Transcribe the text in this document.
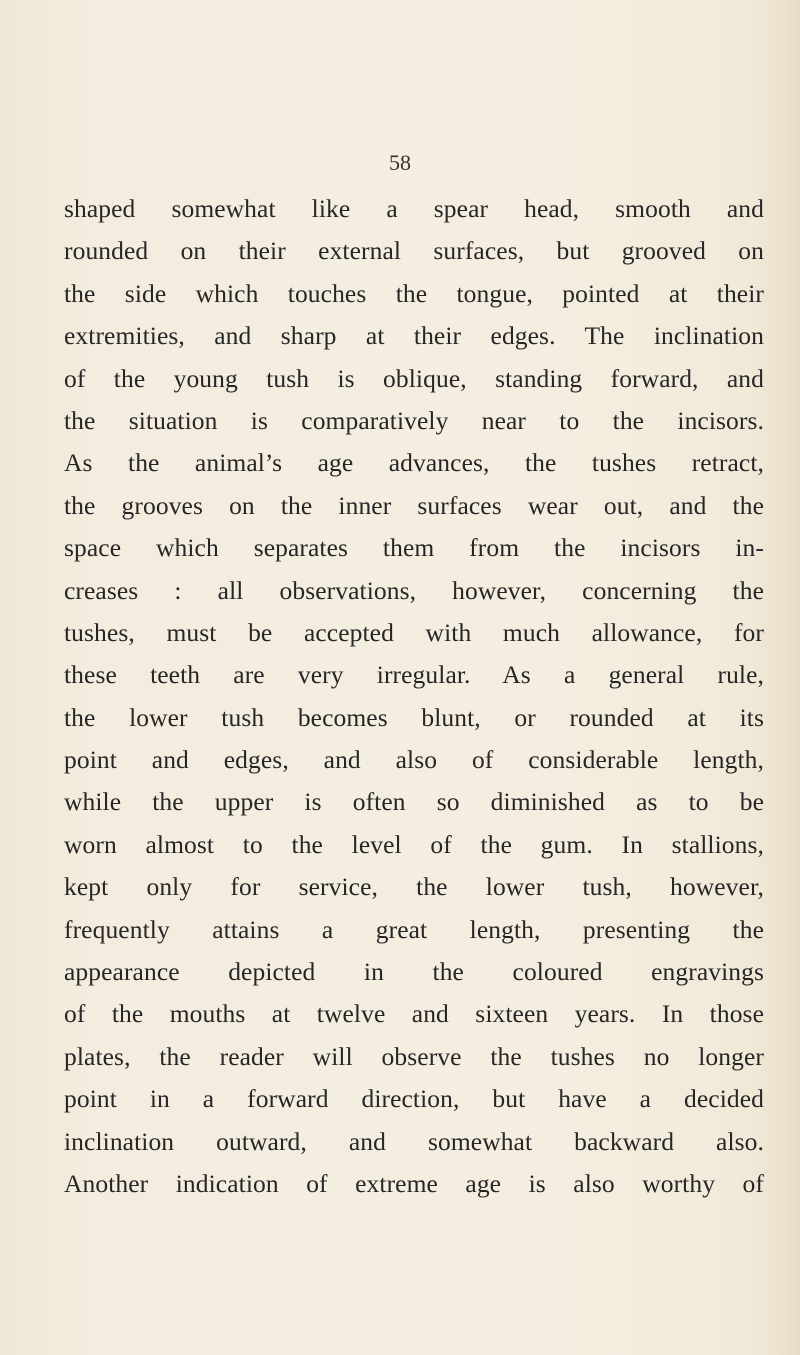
58
shaped somewhat like a spear head, smooth and
rounded on their external surfaces, but grooved on
the side which touches the tongue, pointed at their
extremities, and sharp at their edges. The inclination
of the young tush is oblique, standing forward, and
the situation is comparatively near to the incisors.
As the animal’s age advances, the tushes retract,
the grooves on the inner surfaces wear out, and the
space which separates them from the incisors in-
creases : all observations, however, concerning the
tushes, must be accepted with much allowance, for
these teeth are very irregular. As a general rule,
the lower tush becomes blunt, or rounded at its
point and edges, and also of considerable length,
while the upper is often so diminished as to be
worn almost to the level of the gum. In stallions,
kept only for service, the lower tush, however,
frequently attains a great length, presenting the
appearance depicted in the coloured engravings
of the mouths at twelve and sixteen years. In those
plates, the reader will observe the tushes no longer
point in a forward direction, but have a decided
inclination outward, and somewhat backward also.
Another indication of extreme age is also worthy of
